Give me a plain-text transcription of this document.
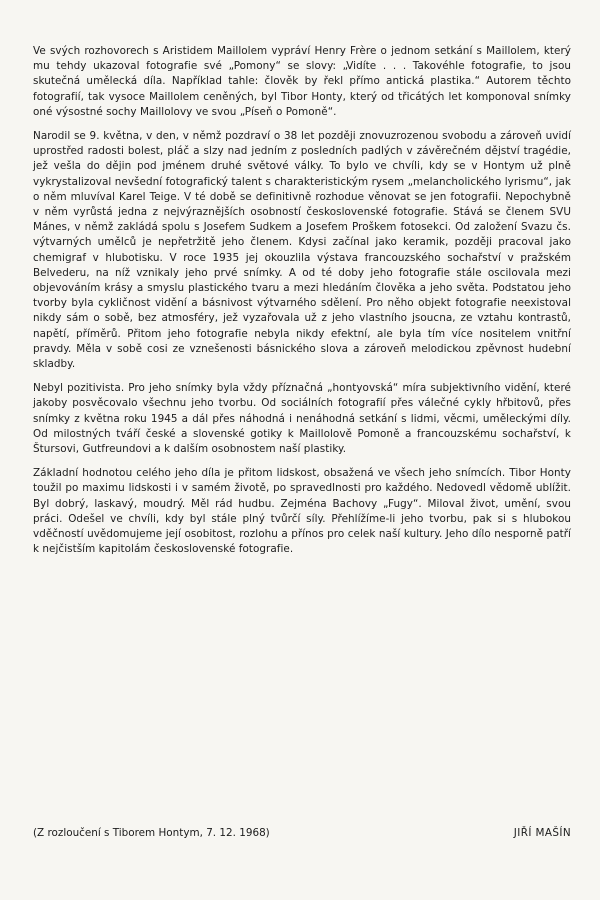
Ve svých rozhovorech s Aristidem Maillolem vypráví Henry Frère o jednom setkání s Maillolem, který mu tehdy ukazoval fotografie své „Pomony“ se slovy: „Vidíte . . . Takovéhle fotografie, to jsou skutečná umělecká díla. Například tahle: člověk by řekl přímo antická plastika.“ Autorem těchto fotografií, tak vysoce Maillolem ceněných, byl Tibor Honty, který od třicátých let komponoval snímky oné výsostné sochy Maillolovy ve svou „Píseň o Pomoně“.

Narodil se 9. května, v den, v němž pozdraví o 38 let později znovuzrozenou svobodu a zároveň uvidí uprostřed radosti bolest, pláč a slzy nad jedním z posledních padlých v závěrečném dějství tragédie, jež vešla do dějin pod jménem druhé světové války. To bylo ve chvíli, kdy se v Hontym už plně vykrystalizoval nevšední fotografický talent s charakteristickým rysem „melancholického lyrismu“, jak o něm mluvíval Karel Teige. V té době se definitivně rozhodue věnovat se jen fotografii. Nepochybně v něm vyrůstá jedna z nejvýraznějších osobností československé fotografie. Stává se členem SVU Mánes, v němž zakládá spolu s Josefem Sudkem a Josefem Proškem fotosekci. Od založení Svazu čs. výtvarných umělců je nepřetržitě jeho členem. Kdysi začínal jako keramik, později pracoval jako chemigraf v hlubotisku. V roce 1935 jej okouzlila výstava francouzského sochařství v pražském Belvederu, na níž vznikaly jeho prvé snímky. A od té doby jeho fotografie stále oscilovala mezi objevováním krásy a smyslu plastického tvaru a mezi hledáním člověka a jeho světa. Podstatou jeho tvorby byla cykličnost vidění a básnivost výtvarného sdělení. Pro něho objekt fotografie neexistoval nikdy sám o sobě, bez atmosféry, jež vyzařovala už z jeho vlastního jsoucna, ze vztahu kontrastů, napětí, příměrů. Přitom jeho fotografie nebyla nikdy efektní, ale byla tím více nositelem vnitřní pravdy. Měla v sobě cosi ze vznešenosti básnického slova a zároveň melodickou zpěvnost hudební skladby.

Nebyl pozitivista. Pro jeho snímky byla vždy příznačná „hontyovská“ míra subjektivního vidění, které jakoby posvěcovalo všechnu jeho tvorbu. Od sociálních fotografií přes válečné cykly hřbitovů, přes snímky z května roku 1945 a dál přes náhodná i nenáhodná setkání s lidmi, věcmi, uměleckými díly. Od milostných tváří české a slovenské gotiky k Maillolově Pomoně a francouzskému sochařství, k Štursovi, Gutfreundovi a k dalším osobnostem naší plastiky.

Základní hodnotou celého jeho díla je přitom lidskost, obsažená ve všech jeho snímcích. Tibor Honty toužil po maximu lidskosti i v samém životě, po spravedlnosti pro každého. Nedovedl vědomě ublížit. Byl dobrý, laskavý, moudrý. Měl rád hudbu. Zejména Bachovy „Fugy“. Miloval život, umění, svou práci. Odešel ve chvíli, kdy byl stále plný tvůrčí síly. Přehlížíme-li jeho tvorbu, pak si s hlubokou vděčností uvědomujeme její osobitost, rozlohu a přínos pro celek naší kultury. Jeho dílo nesporně patří k nejčistším kapitolám československé fotografie.

(Z rozloučení s Tiborem Hontym, 7. 12. 1968)	JIŘÍ MAŠÍN
